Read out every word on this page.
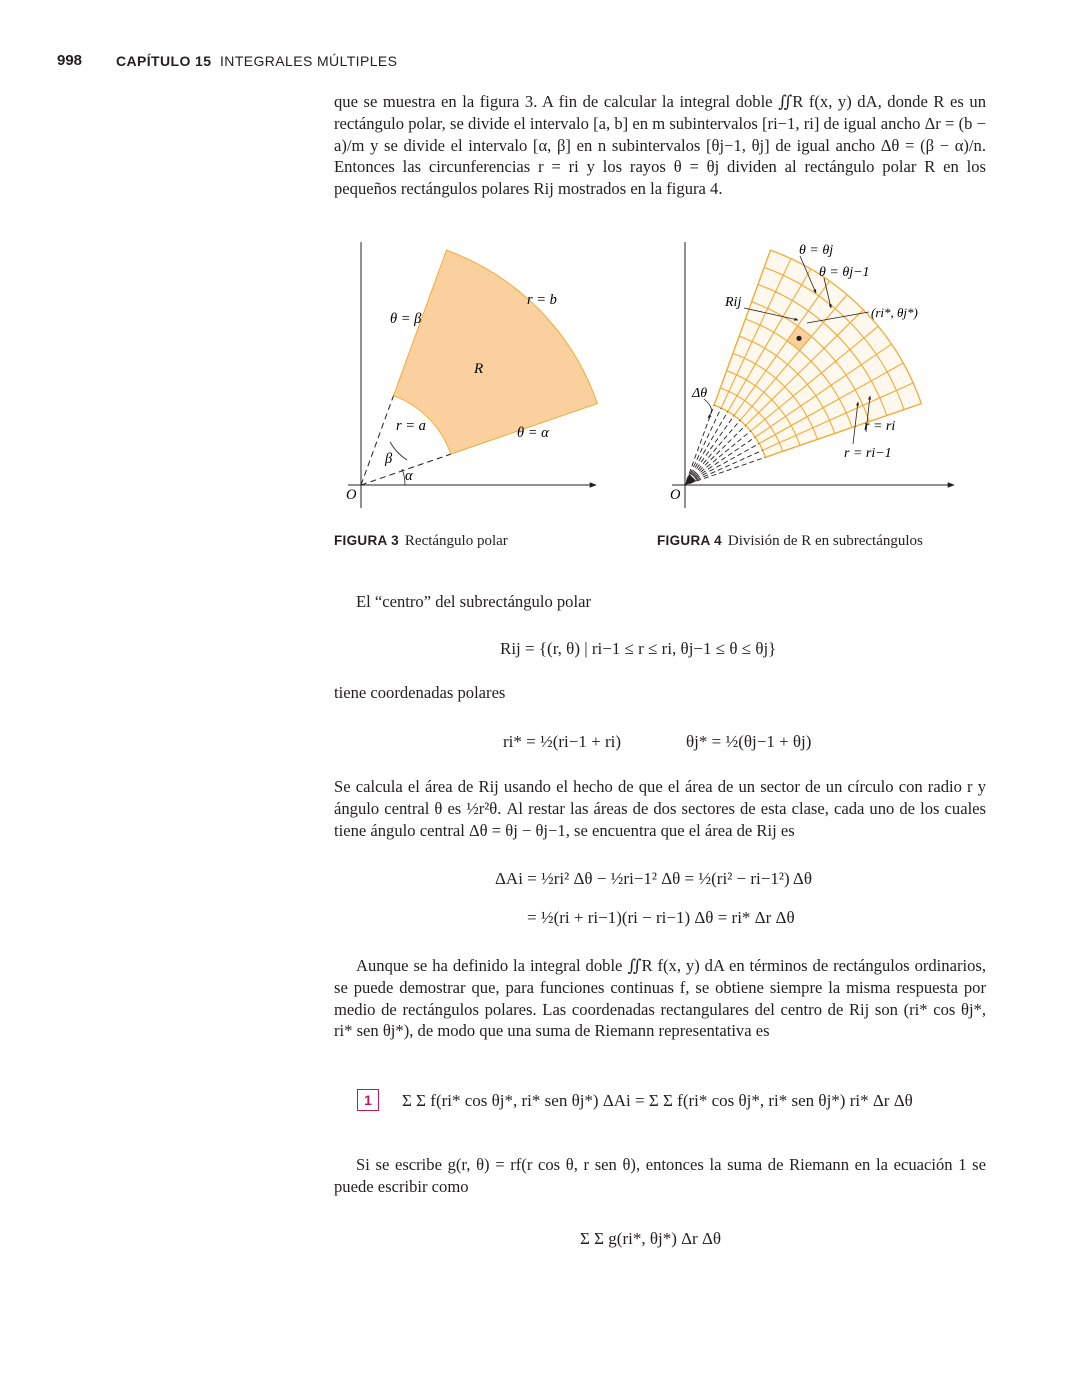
998 CAPÍTULO 15 INTEGRALES MÚLTIPLES

que se muestra en la figura 3. A fin de calcular la integral doble ∬R f(x, y) dA, donde R es un rectángulo polar, se divide el intervalo [a, b] en m subintervalos [ri−1, ri] de igual ancho Δr = (b − a)/m y se divide el intervalo [α, β] en n subintervalos [θj−1, θj] de igual ancho Δθ = (β − α)/n. Entonces las circunferencias r = ri y los rayos θ = θj dividen al rectángulo polar R en los pequeños rectángulos polares Rij mostrados en la figura 4.

θ = β
r = b
R
r = a	θ = α
β
α
O
θ = θj
θ = θj−1
Rij
(ri*, θj*)
Δθ
r = ri
r = ri−1
O
FIGURA 3 Rectángulo polar	FIGURA 4 División de R en subrectángulos

El “centro” del subrectángulo polar

Rij = {(r, θ) | ri−1 ≤ r ≤ ri, θj−1 ≤ θ ≤ θj}

tiene coordenadas polares

ri* = ½(ri−1 + ri)	θj* = ½(θj−1 + θj)

Se calcula el área de Rij usando el hecho de que el área de un sector de un círculo con radio r y ángulo central θ es ½r²θ. Al restar las áreas de dos sectores de esta clase, cada uno de los cuales tiene ángulo central Δθ = θj − θj−1, se encuentra que el área de Rij es

ΔAi = ½ri² Δθ − ½ri−1² Δθ = ½(ri² − ri−1²) Δθ
= ½(ri + ri−1)(ri − ri−1) Δθ = ri* Δr Δθ

Aunque se ha definido la integral doble ∬R f(x, y) dA en términos de rectángulos ordinarios, se puede demostrar que, para funciones continuas f, se obtiene siempre la misma respuesta por medio de rectángulos polares. Las coordenadas rectangulares del centro de Rij son (ri* cos θj*, ri* sen θj*), de modo que una suma de Riemann representativa es

1	Σ Σ f(ri* cos θj*, ri* sen θj*) ΔAi = Σ Σ f(ri* cos θj*, ri* sen θj*) ri* Δr Δθ

Si se escribe g(r, θ) = rf(r cos θ, r sen θ), entonces la suma de Riemann en la ecuación 1 se puede escribir como

Σ Σ g(ri*, θj*) Δr Δθ
